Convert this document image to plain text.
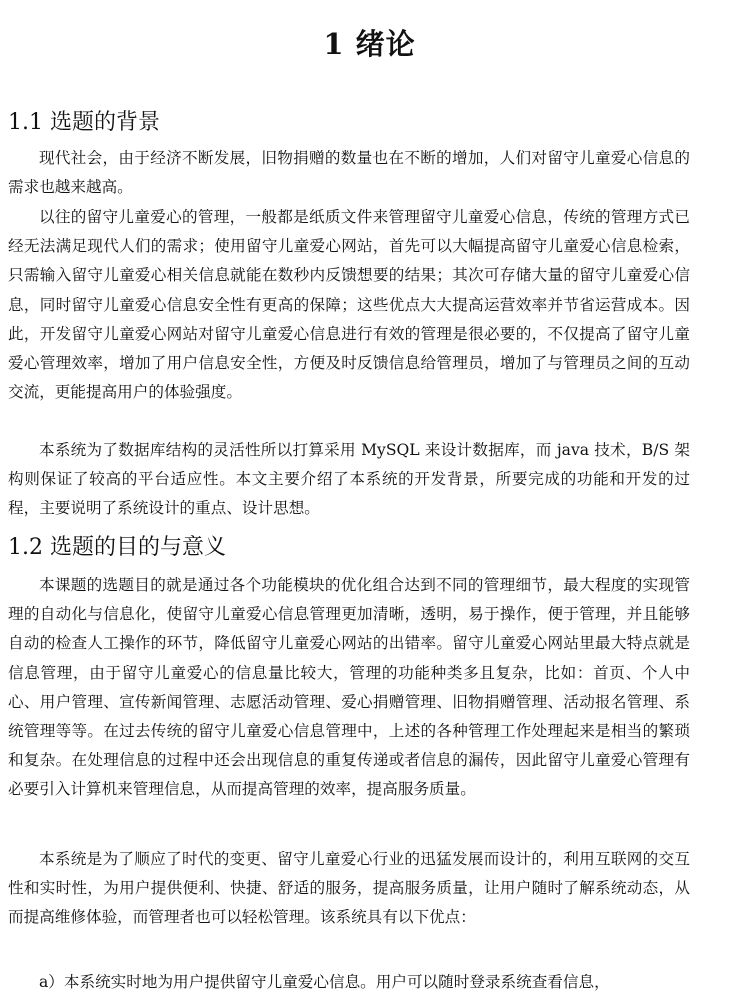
1 绪论
1.1 选题的背景
现代社会，由于经济不断发展，旧物捐赠的数量也在不断的增加，人们对留守儿童爱心信息的需求也越来越高。
以往的留守儿童爱心的管理，一般都是纸质文件来管理留守儿童爱心信息，传统的管理方式已经无法满足现代人们的需求；使用留守儿童爱心网站，首先可以大幅提高留守儿童爱心信息检索，只需输入留守儿童爱心相关信息就能在数秒内反馈想要的结果；其次可存储大量的留守儿童爱心信息，同时留守儿童爱心信息安全性有更高的保障；这些优点大大提高运营效率并节省运营成本。因此，开发留守儿童爱心网站对留守儿童爱心信息进行有效的管理是很必要的，不仅提高了留守儿童爱心管理效率，增加了用户信息安全性，方便及时反馈信息给管理员，增加了与管理员之间的互动交流，更能提高用户的体验强度。
本系统为了数据库结构的灵活性所以打算采用 MySQL 来设计数据库，而 java 技术，B/S 架构则保证了较高的平台适应性。本文主要介绍了本系统的开发背景，所要完成的功能和开发的过程，主要说明了系统设计的重点、设计思想。
1.2 选题的目的与意义
本课题的选题目的就是通过各个功能模块的优化组合达到不同的管理细节，最大程度的实现管理的自动化与信息化，使留守儿童爱心信息管理更加清晰，透明，易于操作，便于管理，并且能够自动的检查人工操作的环节，降低留守儿童爱心网站的出错率。留守儿童爱心网站里最大特点就是信息管理，由于留守儿童爱心的信息量比较大，管理的功能种类多且复杂，比如：首页、个人中心、用户管理、宣传新闻管理、志愿活动管理、爱心捐赠管理、旧物捐赠管理、活动报名管理、系统管理等等。在过去传统的留守儿童爱心信息管理中，上述的各种管理工作处理起来是相当的繁琐和复杂。在处理信息的过程中还会出现信息的重复传递或者信息的漏传，因此留守儿童爱心管理有必要引入计算机来管理信息，从而提高管理的效率，提高服务质量。
本系统是为了顺应了时代的变更、留守儿童爱心行业的迅猛发展而设计的，利用互联网的交互性和实时性，为用户提供便利、快捷、舒适的服务，提高服务质量，让用户随时了解系统动态，从而提高维修体验，而管理者也可以轻松管理。该系统具有以下优点：
a）本系统实时地为用户提供留守儿童爱心信息。用户可以随时登录系统查看信息，
